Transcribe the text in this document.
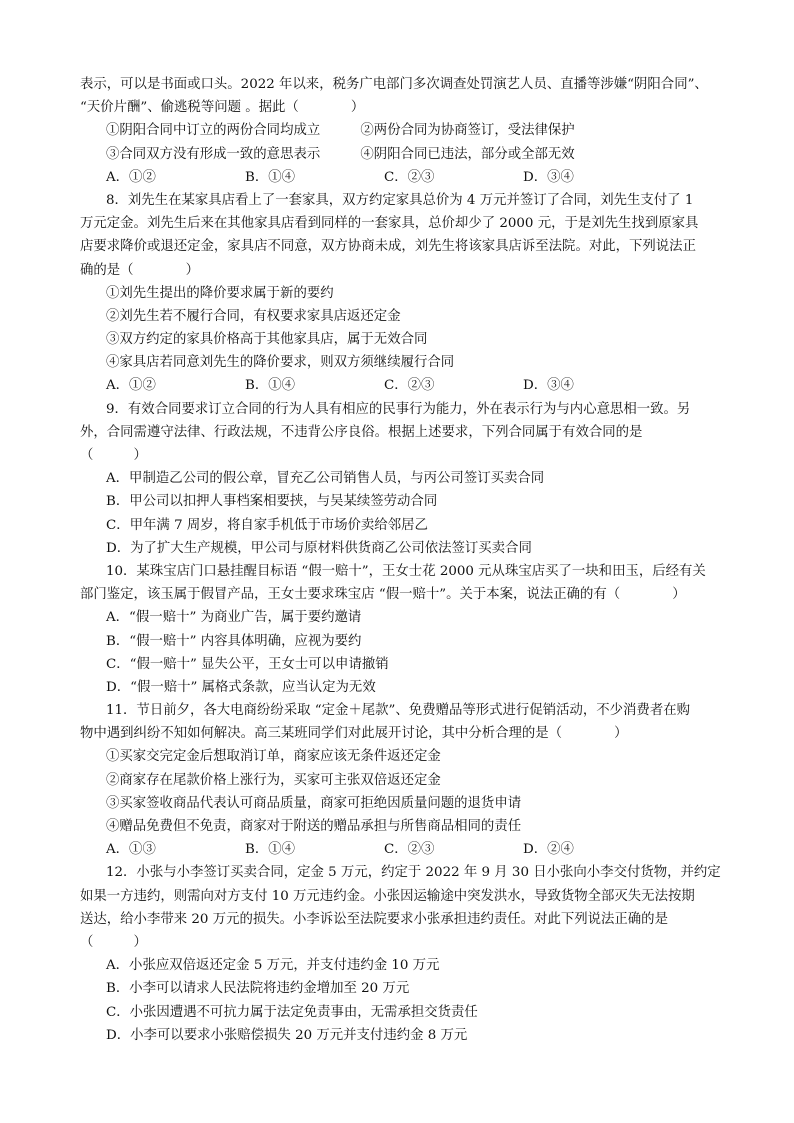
表示，可以是书面或口头。2022 年以来，税务广电部门多次调查处罚演艺人员、直播等涉嫌“阴阳合同”、
“天价片酬”、偷逃税等问题 。据此（	）
①阴阳合同中订立的两份合同均成立　　　②两份合同为协商签订，受法律保护
③合同双方没有形成一致的意思表示　　　④阴阳合同已违法，部分或全部无效
A．①②	B．①④	C．②③	D．③④
8．刘先生在某家具店看上了一套家具，双方约定家具总价为 4 万元并签订了合同，刘先生支付了 1
万元定金。刘先生后来在其他家具店看到同样的一套家具，总价却少了 2000 元，于是刘先生找到原家具
店要求降价或退还定金，家具店不同意，双方协商未成，刘先生将该家具店诉至法院。对此，下列说法正
确的是（	）
①刘先生提出的降价要求属于新的要约
②刘先生若不履行合同，有权要求家具店返还定金
③双方约定的家具价格高于其他家具店，属于无效合同
④家具店若同意刘先生的降价要求，则双方须继续履行合同
A．①②	B．①④	C．②③	D．③④
9．有效合同要求订立合同的行为人具有相应的民事行为能力，外在表示行为与内心意思相一致。另
外，合同需遵守法律、行政法规，不违背公序良俗。根据上述要求，下列合同属于有效合同的是
（　　　）
A．甲制造乙公司的假公章，冒充乙公司销售人员，与丙公司签订买卖合同
B．甲公司以扣押人事档案相要挟，与吴某续签劳动合同
C．甲年满 7 周岁，将自家手机低于市场价卖给邻居乙
D．为了扩大生产规模，甲公司与原材料供货商乙公司依法签订买卖合同
10．某珠宝店门口悬挂醒目标语 “假一赔十”，王女士花 2000 元从珠宝店买了一块和田玉，后经有关
部门鉴定，该玉属于假冒产品，王女士要求珠宝店 “假一赔十”。关于本案，说法正确的有（	）
A．“假一赔十” 为商业广告，属于要约邀请
B．“假一赔十” 内容具体明确，应视为要约
C．“假一赔十” 显失公平，王女士可以申请撤销
D．“假一赔十” 属格式条款，应当认定为无效
11．节日前夕，各大电商纷纷采取 “定金＋尾款”、免费赠品等形式进行促销活动，不少消费者在购
物中遇到纠纷不知如何解决。高三某班同学们对此展开讨论，其中分析合理的是（	）
①买家交完定金后想取消订单，商家应该无条件返还定金
②商家存在尾款价格上涨行为，买家可主张双倍返还定金
③买家签收商品代表认可商品质量，商家可拒绝因质量问题的退货申请
④赠品免费但不免责，商家对于附送的赠品承担与所售商品相同的责任
A．①③	B．①④	C．②③	D．②④
12．小张与小李签订买卖合同，定金 5 万元，约定于 2022 年 9 月 30 日小张向小李交付货物，并约定
如果一方违约，则需向对方支付 10 万元违约金。小张因运输途中突发洪水，导致货物全部灭失无法按期
送达，给小李带来 20 万元的损失。小李诉讼至法院要求小张承担违约责任。对此下列说法正确的是
（　　　）
A．小张应双倍返还定金 5 万元，并支付违约金 10 万元
B．小李可以请求人民法院将违约金增加至 20 万元
C．小张因遭遇不可抗力属于法定免责事由，无需承担交货责任
D．小李可以要求小张赔偿损失 20 万元并支付违约金 8 万元
